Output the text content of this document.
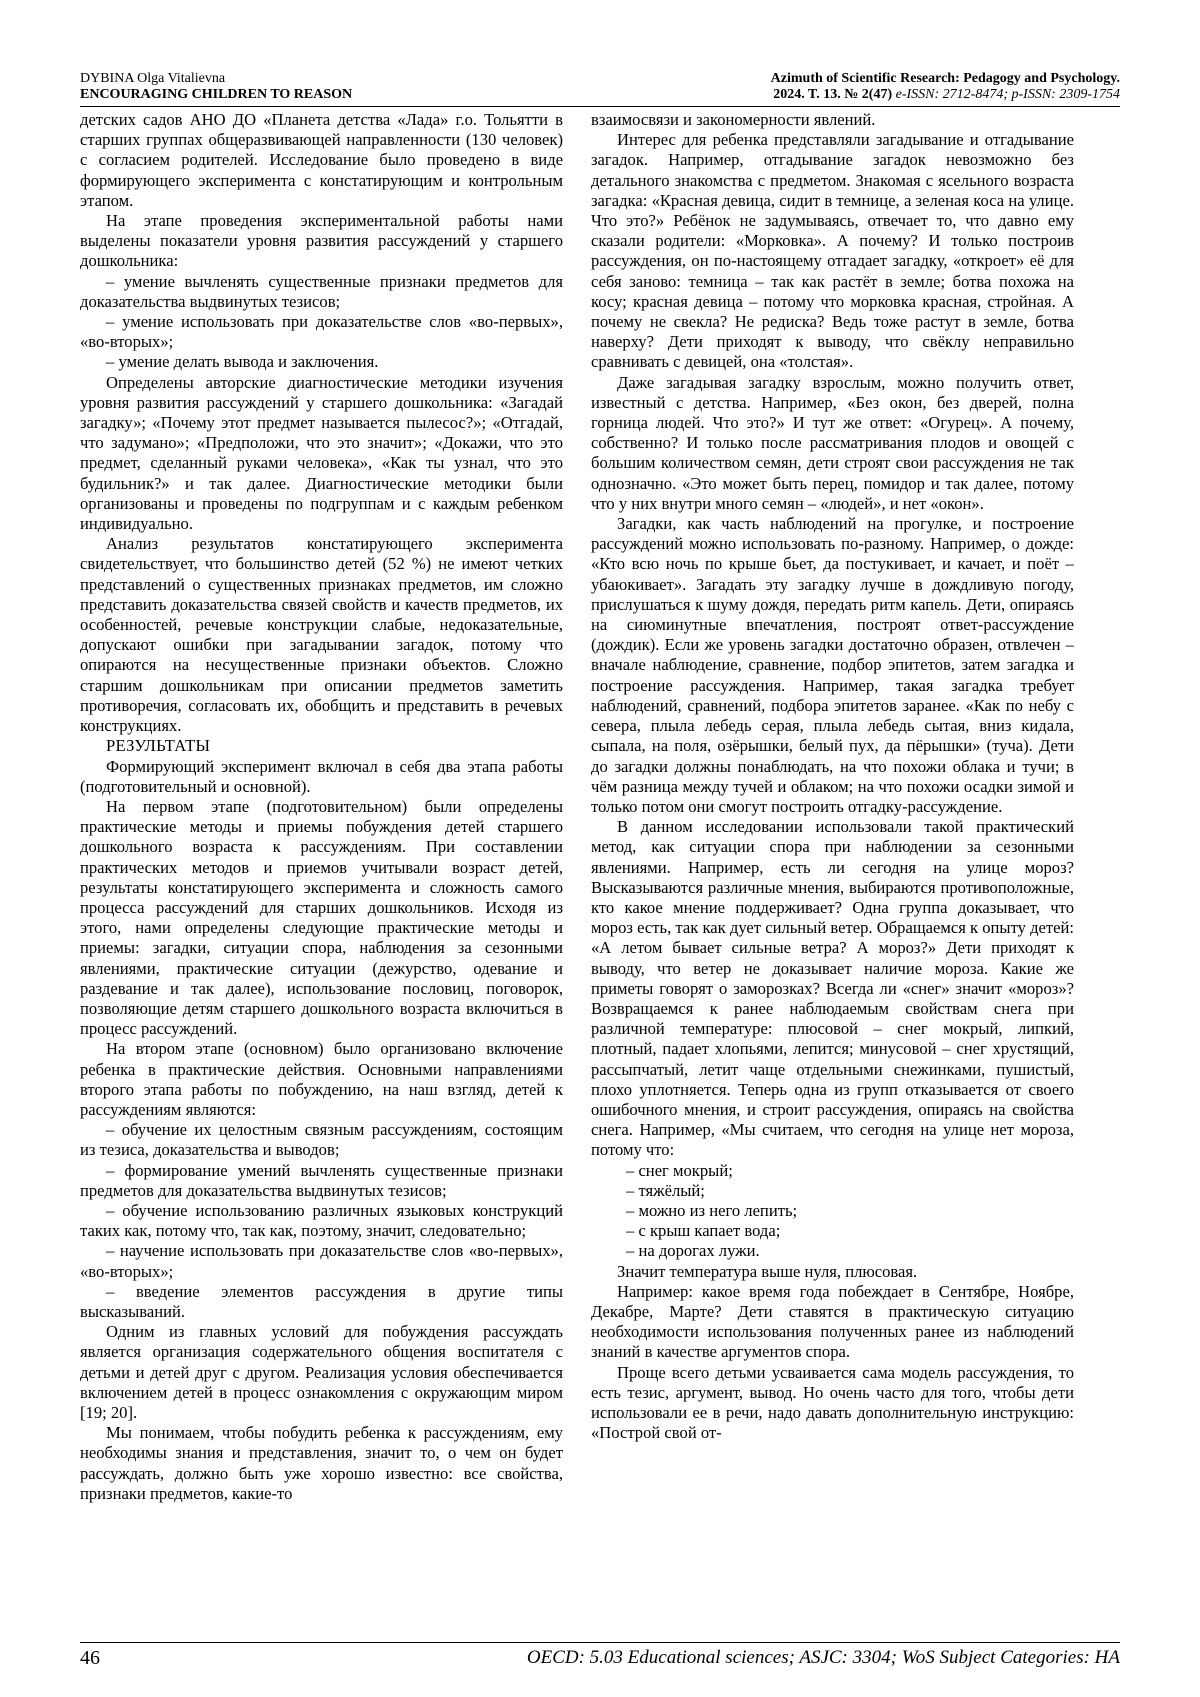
DYBINA Olga Vitalievna
ENCOURAGING CHILDREN TO REASON
Azimuth of Scientific Research: Pedagogy and Psychology.
2024. T. 13. № 2(47) e-ISSN: 2712-8474; p-ISSN: 2309-1754

детских садов АНО ДО «Планета детства «Лада» г.о. Тольятти в старших группах общеразвивающей направленности (130 человек) с согласием родителей. Исследование было проведено в виде формирующего эксперимента с констатирующим и контрольным этапом.

На этапе проведения экспериментальной работы нами выделены показатели уровня развития рассуждений у старшего дошкольника:

– умение вычленять существенные признаки предметов для доказательства выдвинутых тезисов;

– умение использовать при доказательстве слов «во-первых», «во-вторых»;

– умение делать вывода и заключения.

Определены авторские диагностические методики изучения уровня развития рассуждений у старшего дошкольника: «Загадай загадку»; «Почему этот предмет называется пылесос?»; «Отгадай, что задумано»; «Предположи, что это значит»; «Докажи, что это предмет, сделанный руками человека», «Как ты узнал, что это будильник?» и так далее. Диагностические методики были организованы и проведены по подгруппам и с каждым ребенком индивидуально.

Анализ результатов констатирующего эксперимента свидетельствует, что большинство детей (52 %) не имеют четких представлений о существенных признаках предметов, им сложно представить доказательства связей свойств и качеств предметов, их особенностей, речевые конструкции слабые, недоказательные, допускают ошибки при загадывании загадок, потому что опираются на несущественные признаки объектов. Сложно старшим дошкольникам при описании предметов заметить противоречия, согласовать их, обобщить и представить в речевых конструкциях.

РЕЗУЛЬТАТЫ

Формирующий эксперимент включал в себя два этапа работы (подготовительный и основной).

На первом этапе (подготовительном) были определены практические методы и приемы побуждения детей старшего дошкольного возраста к рассуждениям. При составлении практических методов и приемов учитывали возраст детей, результаты констатирующего эксперимента и сложность самого процесса рассуждений для старших дошкольников. Исходя из этого, нами определены следующие практические методы и приемы: загадки, ситуации спора, наблюдения за сезонными явлениями, практические ситуации (дежурство, одевание и раздевание и так далее), использование пословиц, поговорок, позволяющие детям старшего дошкольного возраста включиться в процесс рассуждений.

На втором этапе (основном) было организовано включение ребенка в практические действия. Основными направлениями второго этапа работы по побуждению, на наш взгляд, детей к рассуждениям являются:

– обучение их целостным связным рассуждениям, состоящим из тезиса, доказательства и выводов;

– формирование умений вычленять существенные признаки предметов для доказательства выдвинутых тезисов;

– обучение использованию различных языковых конструкций таких как, потому что, так как, поэтому, значит, следовательно;

– научение использовать при доказательстве слов «во-первых», «во-вторых»;

– введение элементов рассуждения в другие типы высказываний.

Одним из главных условий для побуждения рассуждать является организация содержательного общения воспитателя с детьми и детей друг с другом. Реализация условия обеспечивается включением детей в процесс ознакомления с окружающим миром [19; 20].

Мы понимаем, чтобы побудить ребенка к рассуждениям, ему необходимы знания и представления, значит то, о чем он будет рассуждать, должно быть уже хорошо известно: все свойства, признаки предметов, какие-то

взаимосвязи и закономерности явлений.

Интерес для ребенка представляли загадывание и отгадывание загадок. Например, отгадывание загадок невозможно без детального знакомства с предметом. Знакомая с ясельного возраста загадка: «Красная девица, сидит в темнице, а зеленая коса на улице. Что это?» Ребёнок не задумываясь, отвечает то, что давно ему сказали родители: «Морковка». А почему? И только построив рассуждения, он по-настоящему отгадает загадку, «откроет» её для себя заново: темница – так как растёт в земле; ботва похожа на косу; красная девица – потому что морковка красная, стройная. А почему не свекла? Не редиска? Ведь тоже растут в земле, ботва наверху? Дети приходят к выводу, что свёклу неправильно сравнивать с девицей, она «толстая».

Даже загадывая загадку взрослым, можно получить ответ, известный с детства. Например, «Без окон, без дверей, полна горница людей. Что это?» И тут же ответ: «Огурец». А почему, собственно? И только после рассматривания плодов и овощей с большим количеством семян, дети строят свои рассуждения не так однозначно. «Это может быть перец, помидор и так далее, потому что у них внутри много семян – «людей», и нет «окон».

Загадки, как часть наблюдений на прогулке, и построение рассуждений можно использовать по-разному. Например, о дожде: «Кто всю ночь по крыше бьет, да постукивает, и качает, и поёт – убаюкивает». Загадать эту загадку лучше в дождливую погоду, прислушаться к шуму дождя, передать ритм капель. Дети, опираясь на сиюминутные впечатления, построят ответ-рассуждение (дождик). Если же уровень загадки достаточно образен, отвлечен – вначале наблюдение, сравнение, подбор эпитетов, затем загадка и построение рассуждения. Например, такая загадка требует наблюдений, сравнений, подбора эпитетов заранее. «Как по небу с севера, плыла лебедь серая, плыла лебедь сытая, вниз кидала, сыпала, на поля, озёрышки, белый пух, да пёрышки» (туча). Дети до загадки должны понаблюдать, на что похожи облака и тучи; в чём разница между тучей и облаком; на что похожи осадки зимой и только потом они смогут построить отгадку-рассуждение.

В данном исследовании использовали такой практический метод, как ситуации спора при наблюдении за сезонными явлениями. Например, есть ли сегодня на улице мороз? Высказываются различные мнения, выбираются противоположные, кто какое мнение поддерживает? Одна группа доказывает, что мороз есть, так как дует сильный ветер. Обращаемся к опыту детей: «А летом бывает сильные ветра? А мороз?» Дети приходят к выводу, что ветер не доказывает наличие мороза. Какие же приметы говорят о заморозках? Всегда ли «снег» значит «мороз»? Возвращаемся к ранее наблюдаемым свойствам снега при различной температуре: плюсовой – снег мокрый, липкий, плотный, падает хлопьями, лепится; минусовой – снег хрустящий, рассыпчатый, летит чаще отдельными снежинками, пушистый, плохо уплотняется. Теперь одна из групп отказывается от своего ошибочного мнения, и строит рассуждения, опираясь на свойства снега. Например, «Мы считаем, что сегодня на улице нет мороза, потому что:

– снег мокрый;

– тяжёлый;

– можно из него лепить;

– с крыш капает вода;

– на дорогах лужи.

Значит температура выше нуля, плюсовая.

Например: какое время года побеждает в Сентябре, Ноябре, Декабре, Марте? Дети ставятся в практическую ситуацию необходимости использования полученных ранее из наблюдений знаний в качестве аргументов спора.

Проще всего детьми усваивается сама модель рассуждения, то есть тезис, аргумент, вывод. Но очень часто для того, чтобы дети использовали ее в речи, надо давать дополнительную инструкцию: «Построй свой от-

46	OECD: 5.03 Educational sciences; ASJC: 3304; WoS Subject Categories: HA
